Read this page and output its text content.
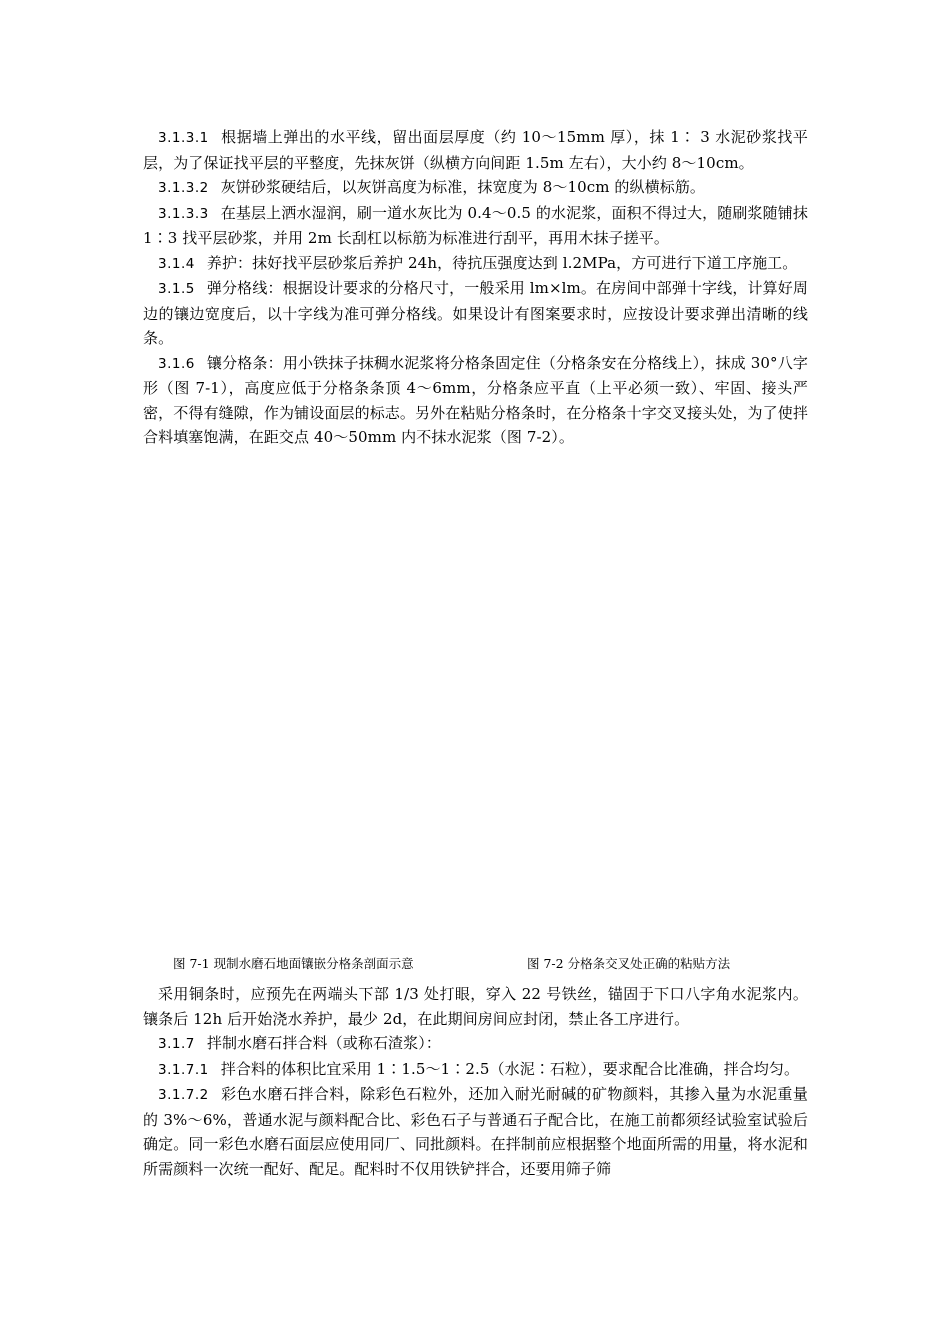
3.1.3.1 根据墙上弹出的水平线，留出面层厚度（约 10～15mm 厚），抹 1∶ 3 水泥砂浆找平层，为了保证找平层的平整度，先抹灰饼（纵横方向间距 1.5m 左右），大小约 8～10cm。

3.1.3.2 灰饼砂浆硬结后，以灰饼高度为标准，抹宽度为 8～10cm 的纵横标筋。

3.1.3.3 在基层上洒水湿润，刷一道水灰比为 0.4～0.5 的水泥浆，面积不得过大，随刷浆随铺抹 1∶3 找平层砂浆，并用 2m 长刮杠以标筋为标准进行刮平，再用木抹子搓平。

3.1.4 养护：抹好找平层砂浆后养护 24h，待抗压强度达到 l.2MPa，方可进行下道工序施工。

3.1.5 弹分格线：根据设计要求的分格尺寸，一般采用 lm×lm。在房间中部弹十字线，计算好周边的镶边宽度后，以十字线为准可弹分格线。如果设计有图案要求时，应按设计要求弹出清晰的线条。

3.1.6 镶分格条：用小铁抹子抹稠水泥浆将分格条固定住（分格条安在分格线上），抹成 30°八字形（图 7-1），高度应低于分格条条顶 4～6mm，分格条应平直（上平必须一致）、牢固、接头严密，不得有缝隙，作为铺设面层的标志。另外在粘贴分格条时，在分格条十字交叉接头处，为了使拌合料填塞饱满，在距交点 40～50mm 内不抹水泥浆（图 7-2）。

图 7-1 现制水磨石地面镶嵌分格条剖面示意	图 7-2 分格条交叉处正确的粘贴方法

采用铜条时，应预先在两端头下部 1/3 处打眼，穿入 22 号铁丝，锚固于下口八字角水泥浆内。镶条后 12h 后开始浇水养护，最少 2d，在此期间房间应封闭，禁止各工序进行。

3.1.7 拌制水磨石拌合料（或称石渣浆）：

3.1.7.1 拌合料的体积比宜采用 1∶1.5～1∶2.5（水泥∶石粒），要求配合比准确，拌合均匀。

3.1.7.2 彩色水磨石拌合料，除彩色石粒外，还加入耐光耐碱的矿物颜料，其掺入量为水泥重量的 3%～6%，普通水泥与颜料配合比、彩色石子与普通石子配合比，在施工前都须经试验室试验后确定。同一彩色水磨石面层应使用同厂、同批颜料。在拌制前应根据整个地面所需的用量，将水泥和所需颜料一次统一配好、配足。配料时不仅用铁铲拌合，还要用筛子筛
